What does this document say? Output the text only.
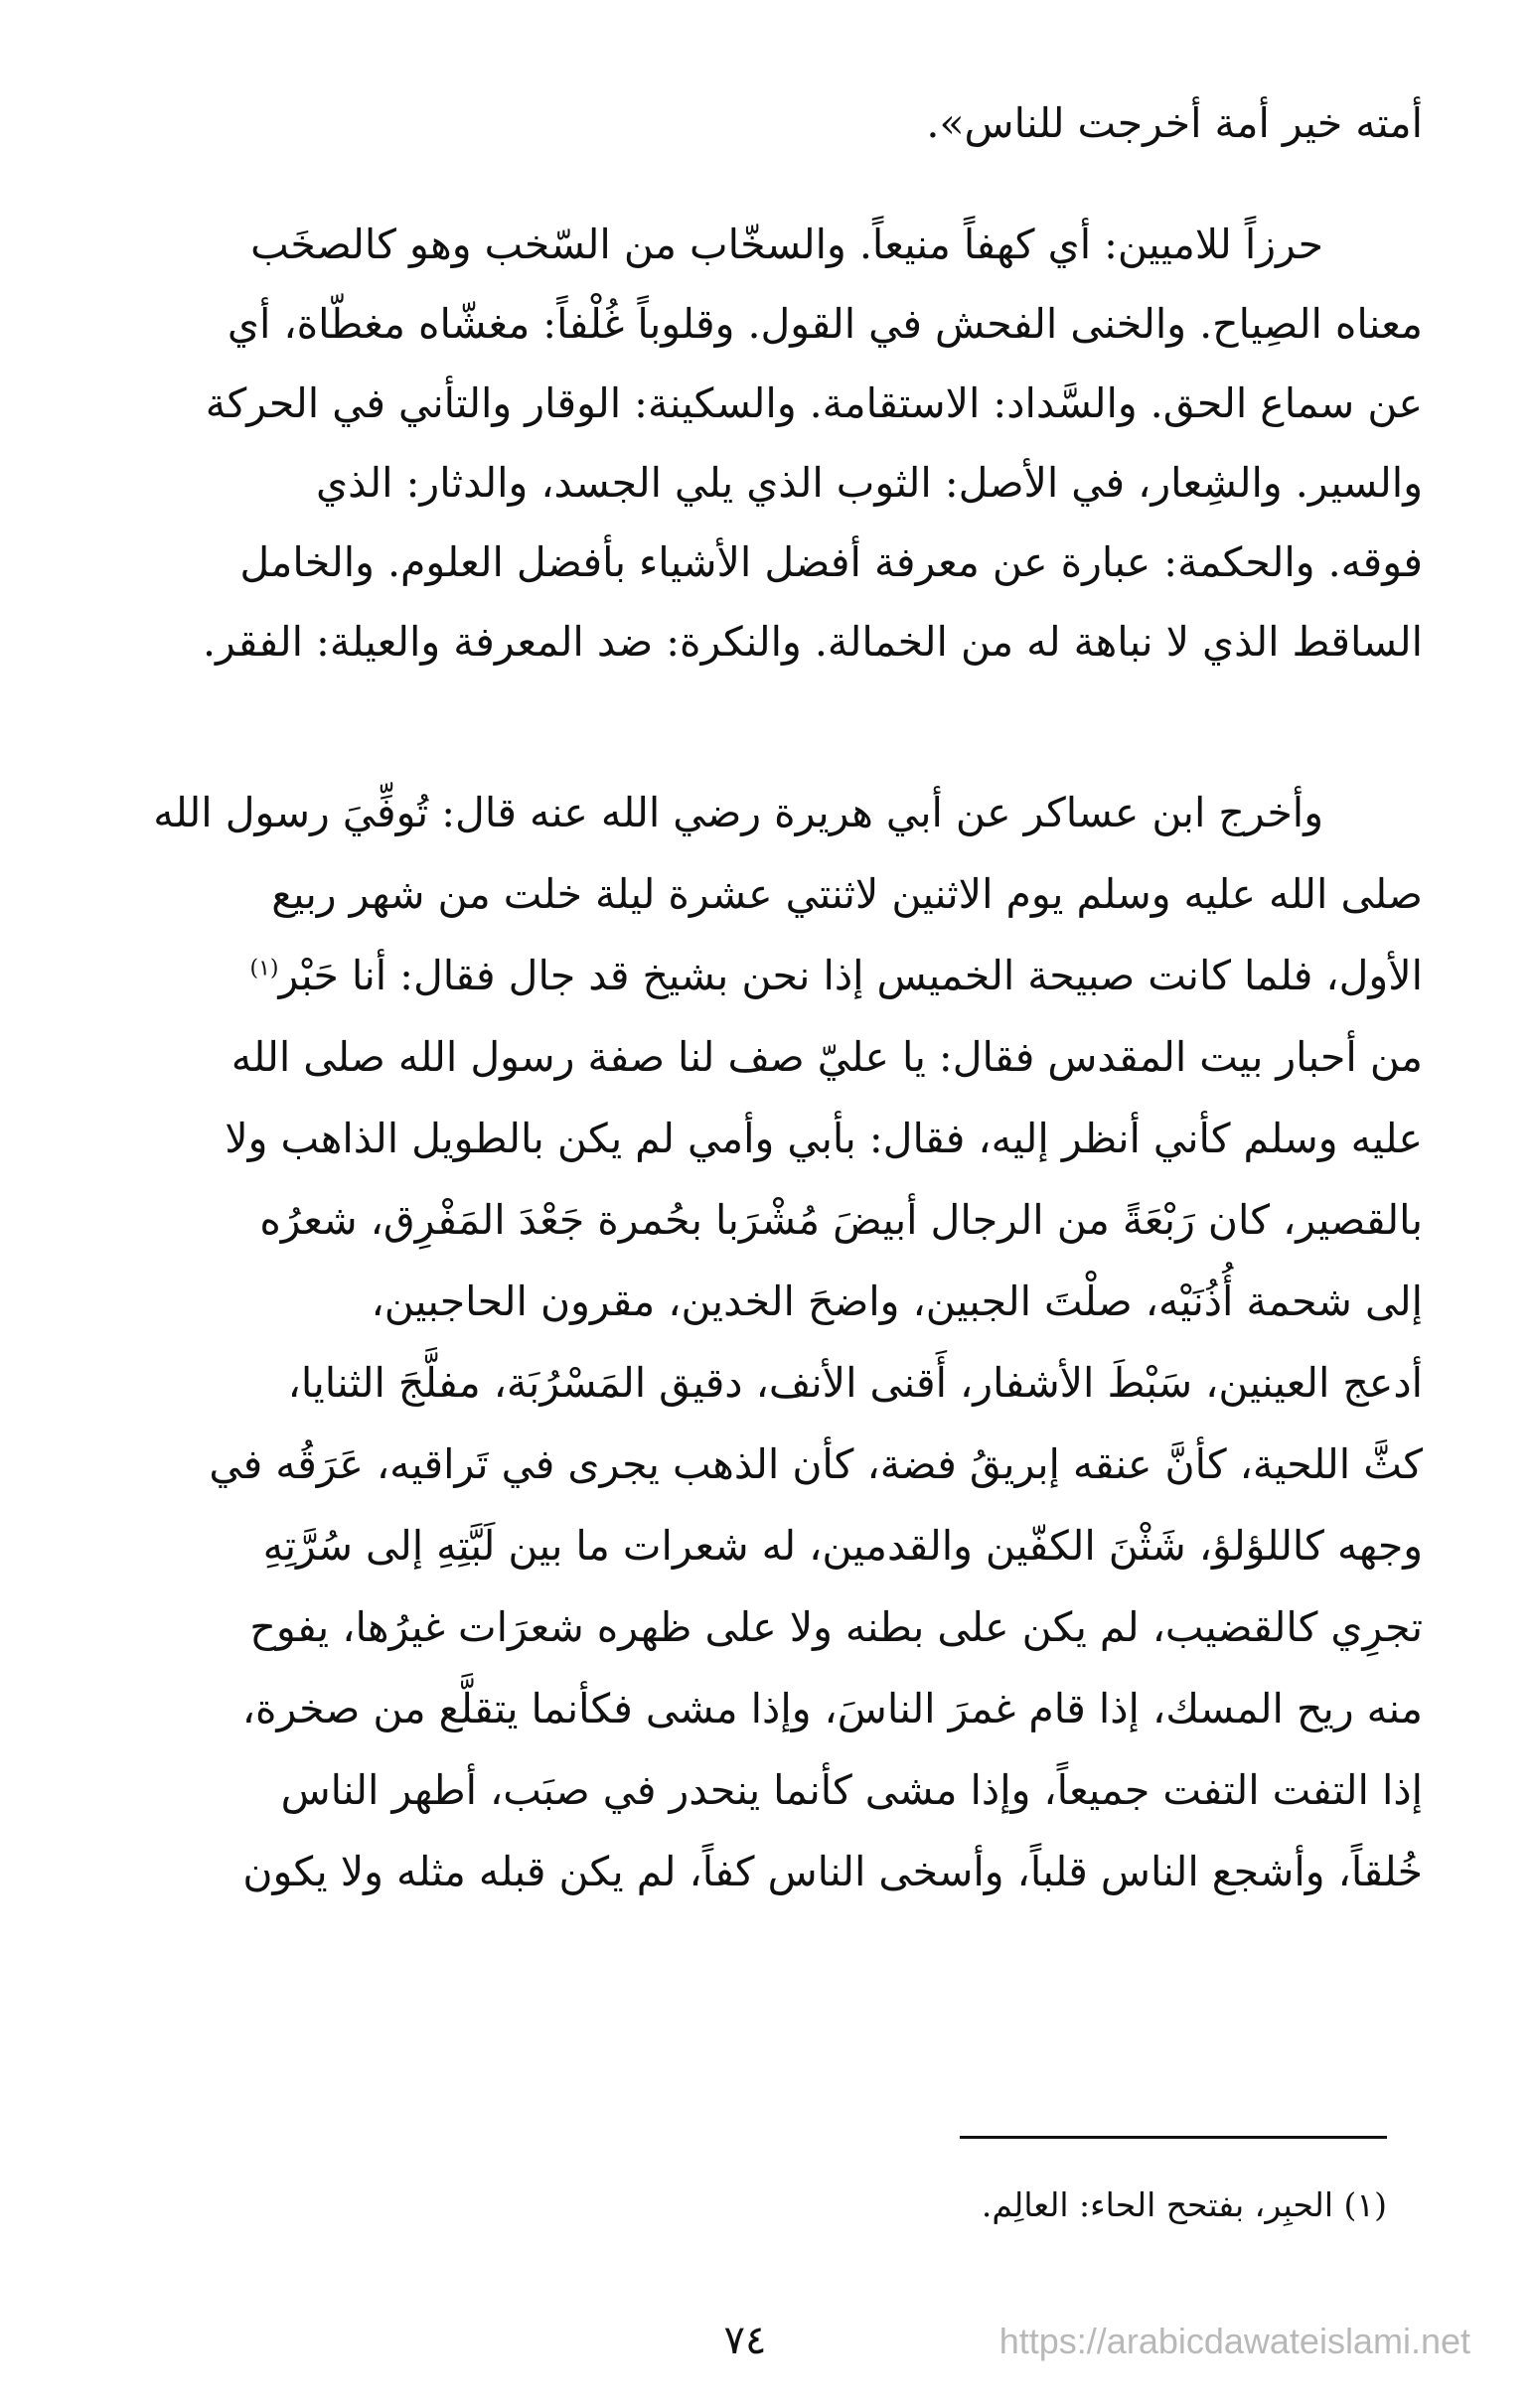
أمته خير أمة أخرجت للناس».
حرزاً للاميين: أي كهفاً منيعاً. والسخّاب من السّخب وهو كالصخَب
معناه الصِياح. والخنى الفحش في القول. وقلوباً غُلْفاً: مغشّاه مغطّاة، أي
عن سماع الحق. والسَّداد: الاستقامة. والسكينة: الوقار والتأني في الحركة
والسير. والشِعار، في الأصل: الثوب الذي يلي الجسد، والدثار: الذي
فوقه. والحكمة: عبارة عن معرفة أفضل الأشياء بأفضل العلوم. والخامل
الساقط الذي لا نباهة له من الخمالة. والنكرة: ضد المعرفة والعيلة: الفقر.
وأخرج ابن عساكر عن أبي هريرة رضي الله عنه قال: تُوفِّيَ رسول الله
صلى الله عليه وسلم يوم الاثنين لاثنتي عشرة ليلة خلت من شهر ربيع
الأول، فلما كانت صبيحة الخميس إذا نحن بشيخ قد جال فقال: أنا حَبْر$^{(١)}$
من أحبار بيت المقدس فقال: يا عليّ صف لنا صفة رسول الله صلى الله
عليه وسلم كأني أنظر إليه، فقال: بأبي وأمي لم يكن بالطويل الذاهب ولا
بالقصير، كان رَبْعَةً من الرجال أبيضَ مُشْرَبا بحُمرة جَعْدَ المَفْرِق، شعرُه
إلى شحمة أُذُنَيْه، صلْتَ الجبين، واضحَ الخدين، مقرون الحاجبين،
أدعج العينين، سَبْطَ الأشفار، أَقنى الأنف، دقيق المَسْرُبَة، مفلَّجَ الثنايا،
كثَّ اللحية، كأنَّ عنقه إبريقُ فضة، كأن الذهب يجرى في تَراقيه، عَرَقُه في
وجهه كاللؤلؤ، شَثْنَ الكفّين والقدمين، له شعرات ما بين لَبَّتِهِ إلى سُرَّتِهِ
تجرِي كالقضيب، لم يكن على بطنه ولا على ظهره شعرَات غيرُها، يفوح
منه ريح المسك، إذا قام غمرَ الناسَ، وإذا مشى فكأنما يتقلَّع من صخرة،
إذا التفت التفت جميعاً، وإذا مشى كأنما ينحدر في صبَب، أطهر الناس
خُلقاً، وأشجع الناس قلباً، وأسخى الناس كفاً، لم يكن قبله مثله ولا يكون
(١) الحبِر، بفتحح الحاء: العالِم.
٧٤	https://arabicdawateislami.net
